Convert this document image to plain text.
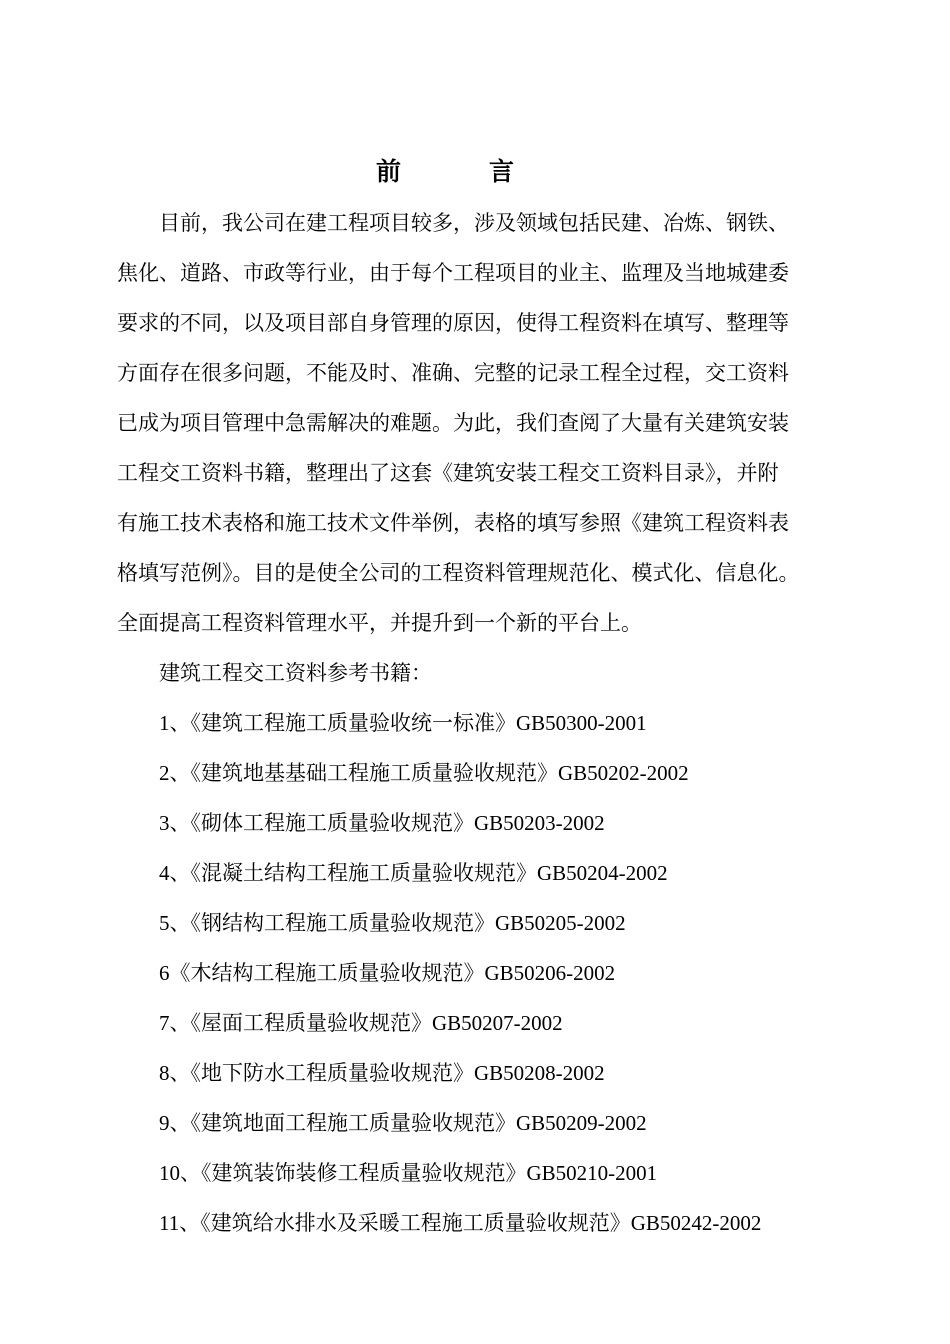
前言
目前，我公司在建工程项目较多，涉及领域包括民建、冶炼、钢铁、
焦化、道路、市政等行业，由于每个工程项目的业主、监理及当地城建委
要求的不同，以及项目部自身管理的原因，使得工程资料在填写、整理等
方面存在很多问题，不能及时、准确、完整的记录工程全过程，交工资料
已成为项目管理中急需解决的难题。为此，我们查阅了大量有关建筑安装
工程交工资料书籍，整理出了这套《建筑安装工程交工资料目录》，并附
有施工技术表格和施工技术文件举例，表格的填写参照《建筑工程资料表
格填写范例》。目的是使全公司的工程资料管理规范化、模式化、信息化。
全面提高工程资料管理水平，并提升到一个新的平台上。
建筑工程交工资料参考书籍：
1、《建筑工程施工质量验收统一标准》GB50300-2001
2、《建筑地基基础工程施工质量验收规范》GB50202-2002
3、《砌体工程施工质量验收规范》GB50203-2002
4、《混凝土结构工程施工质量验收规范》GB50204-2002
5、《钢结构工程施工质量验收规范》GB50205-2002
6《木结构工程施工质量验收规范》GB50206-2002
7、《屋面工程质量验收规范》GB50207-2002
8、《地下防水工程质量验收规范》GB50208-2002
9、《建筑地面工程施工质量验收规范》GB50209-2002
10、《建筑装饰装修工程质量验收规范》GB50210-2001
11、《建筑给水排水及采暖工程施工质量验收规范》GB50242-2002
